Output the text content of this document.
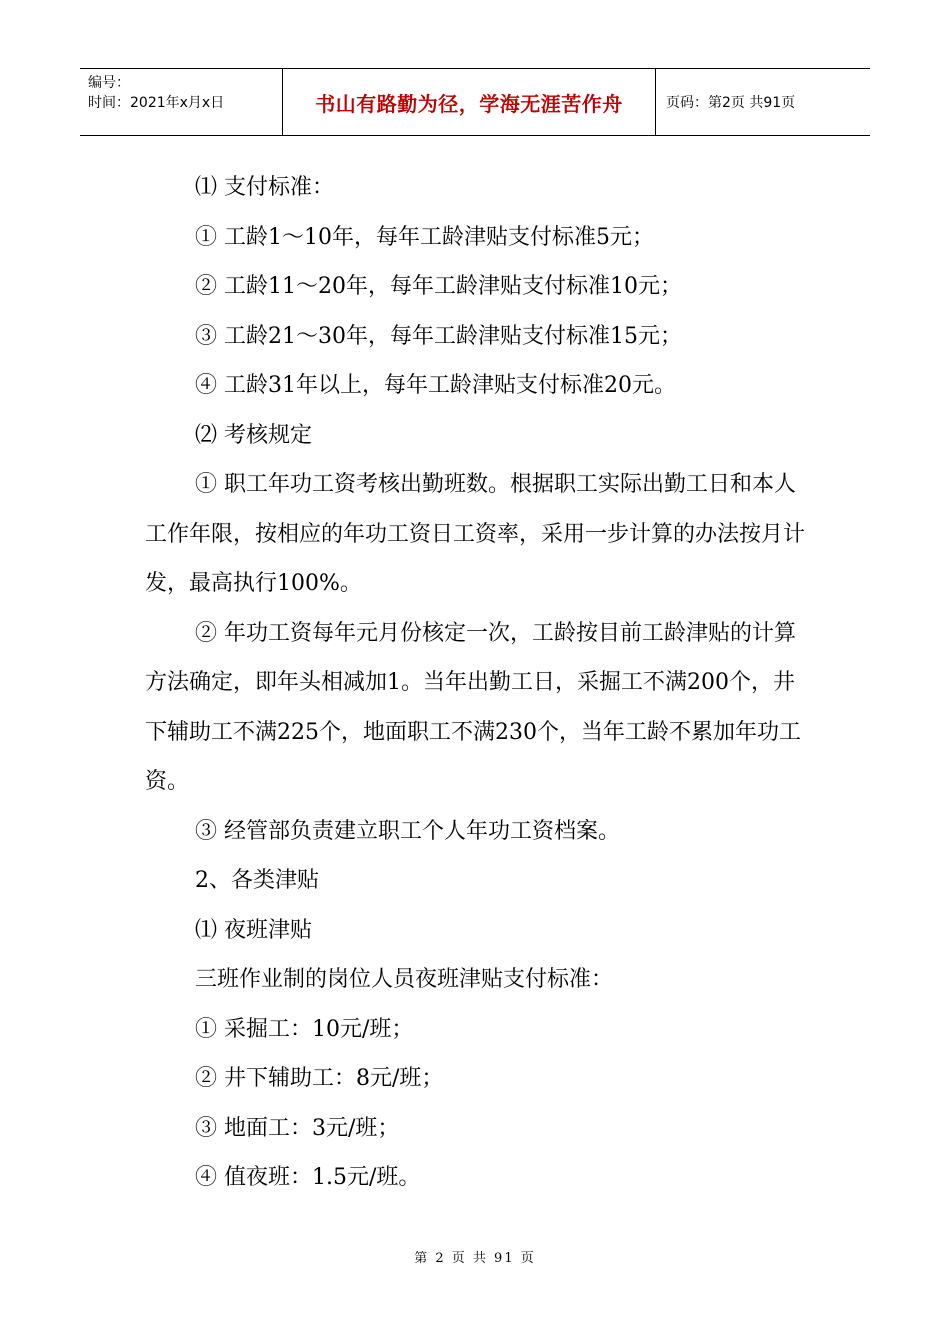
编号：
时间：2021年x月x日	书山有路勤为径，学海无涯苦作舟	页码：第2页 共91页

⑴ 支付标准：

① 工龄1～10年，每年工龄津贴支付标准5元；

② 工龄11～20年，每年工龄津贴支付标准10元；

③ 工龄21～30年，每年工龄津贴支付标准15元；

④ 工龄31年以上，每年工龄津贴支付标准20元。

⑵ 考核规定

① 职工年功工资考核出勤班数。根据职工实际出勤工日和本人工作年限，按相应的年功工资日工资率，采用一步计算的办法按月计发，最高执行100%。

② 年功工资每年元月份核定一次，工龄按目前工龄津贴的计算方法确定，即年头相减加1。当年出勤工日，采掘工不满200个，井下辅助工不满225个，地面职工不满230个，当年工龄不累加年功工资。

③ 经管部负责建立职工个人年功工资档案。

2、各类津贴

⑴ 夜班津贴

三班作业制的岗位人员夜班津贴支付标准：

① 采掘工：10元/班；

② 井下辅助工：8元/班；

③ 地面工：3元/班；

④ 值夜班：1.5元/班。

第 2 页 共 91 页
